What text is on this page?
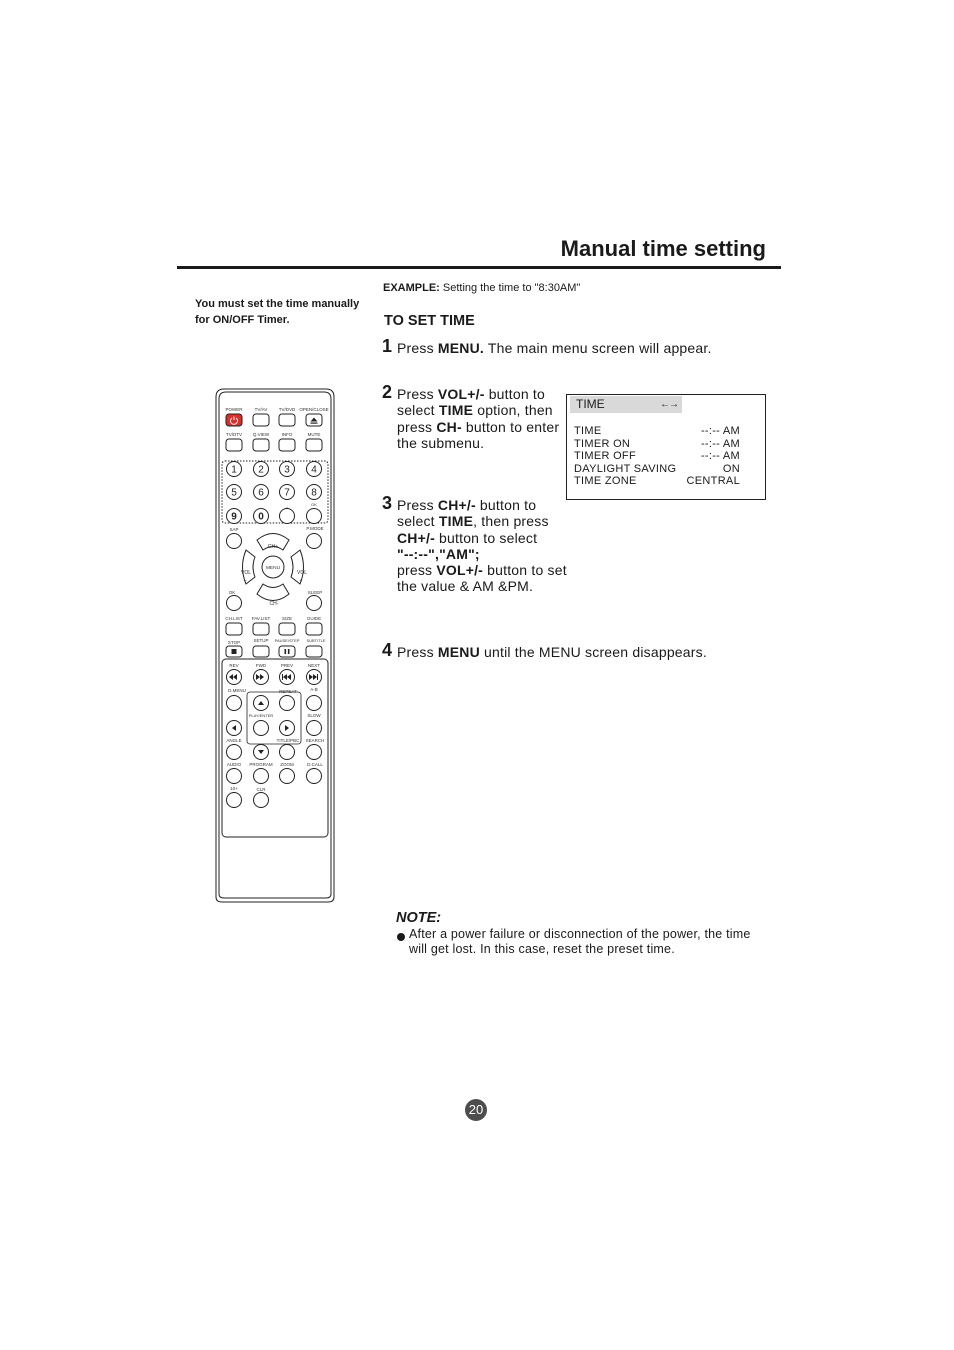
Manual time setting
You must set the time manually
for ON/OFF Timer.
EXAMPLE: Setting the time to "8:30AM"
TO SET TIME
1 Press MENU. The main menu screen will appear.
2 Press VOL+/- button to select TIME option, then press CH- button to enter the submenu.
TIME	←→
TIME	--:-- AM
TIMER ON	--:-- AM
TIMER OFF	--:-- AM
DAYLIGHT SAVING	ON
TIME ZONE	CENTRAL
3 Press CH+/- button to select TIME, then press CH+/- button to select
"--:--","AM";
press VOL+/- button to set the value & AM &PM.
4 Press MENU until the MENU screen disappears.
NOTE:
After a power failure or disconnection of the power, the time will get lost. In this case, reset the preset time.
20
POWER	TV/AV	TV/DVD OPEN/CLOSE
TV/DTV Q.VIEW	INFO	MUTE
1 2 3 4
5 6 7 8
9 0
-	OK
SAP	P.MODE
CH+
CH-
VOL	VOL
–	+
MENU
OK	SLEEP
CH.LIST FAV.LIST	SIZE	GUIDE
STOP	SETUP PAUSE/STEP SUBTITLE
REV	FWD	PREV	NEXT
D.MENU	REPEAT	A-B
PLAY/ENTER	SLOW
ANGLE	TITLE/PBC SEARCH
AUDIO PROGRAM ZOOM	D.CALL
10+	CLR
